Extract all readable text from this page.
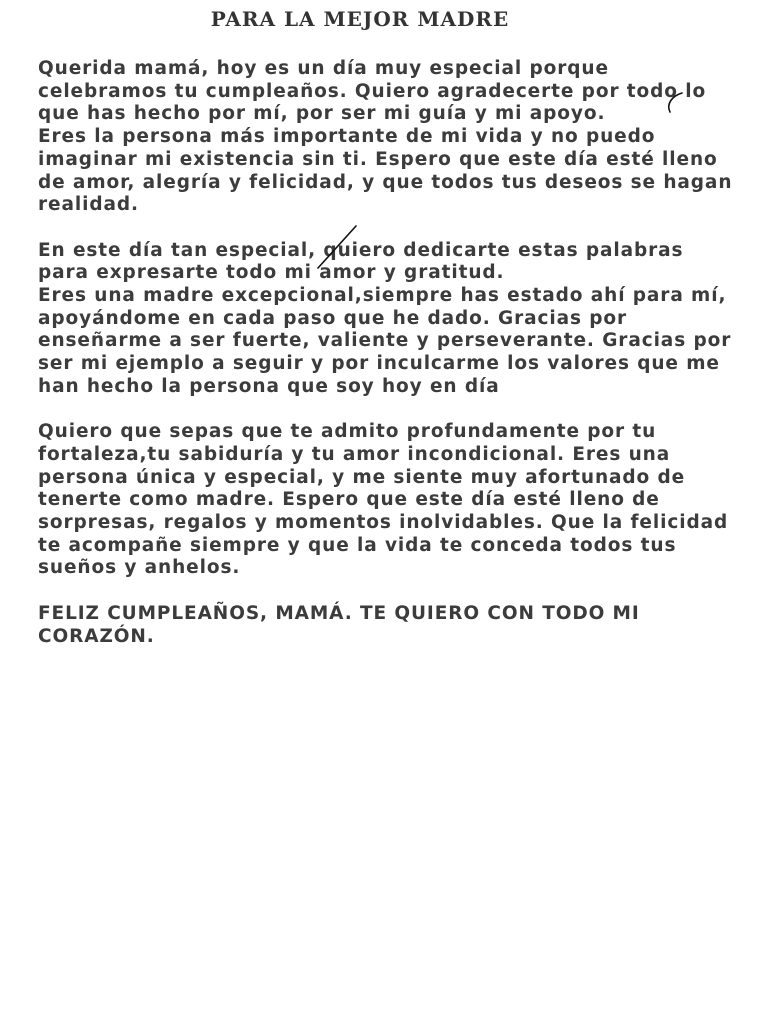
PARA LA MEJOR MADRE

Querida mamá, hoy es un día muy especial porque celebramos tu cumpleaños. Quiero agradecerte por todo lo que has hecho por mí, por ser mi guía y mi apoyo.
Eres la persona más importante de mi vida y no puedo imaginar mi existencia sin ti. Espero que este día esté lleno de amor, alegría y felicidad, y que todos tus deseos se hagan realidad.

En este día tan especial, quiero dedicarte estas palabras para expresarte todo mi amor y gratitud.
Eres una madre excepcional,siempre has estado ahí para mí, apoyándome en cada paso que he dado. Gracias por enseñarme a ser fuerte, valiente y perseverante. Gracias por ser mi ejemplo a seguir y por inculcarme los valores que me han hecho la persona que soy hoy en día

Quiero que sepas que te admito profundamente por tu fortaleza,tu sabiduría y tu amor incondicional. Eres una persona única y especial, y me siente muy afortunado de tenerte como madre. Espero que este día esté lleno de sorpresas, regalos y momentos inolvidables. Que la felicidad te acompañe siempre y que la vida te conceda todos tus sueños y anhelos.

FELIZ CUMPLEAÑOS, MAMÁ. TE QUIERO CON TODO MI CORAZÓN.
